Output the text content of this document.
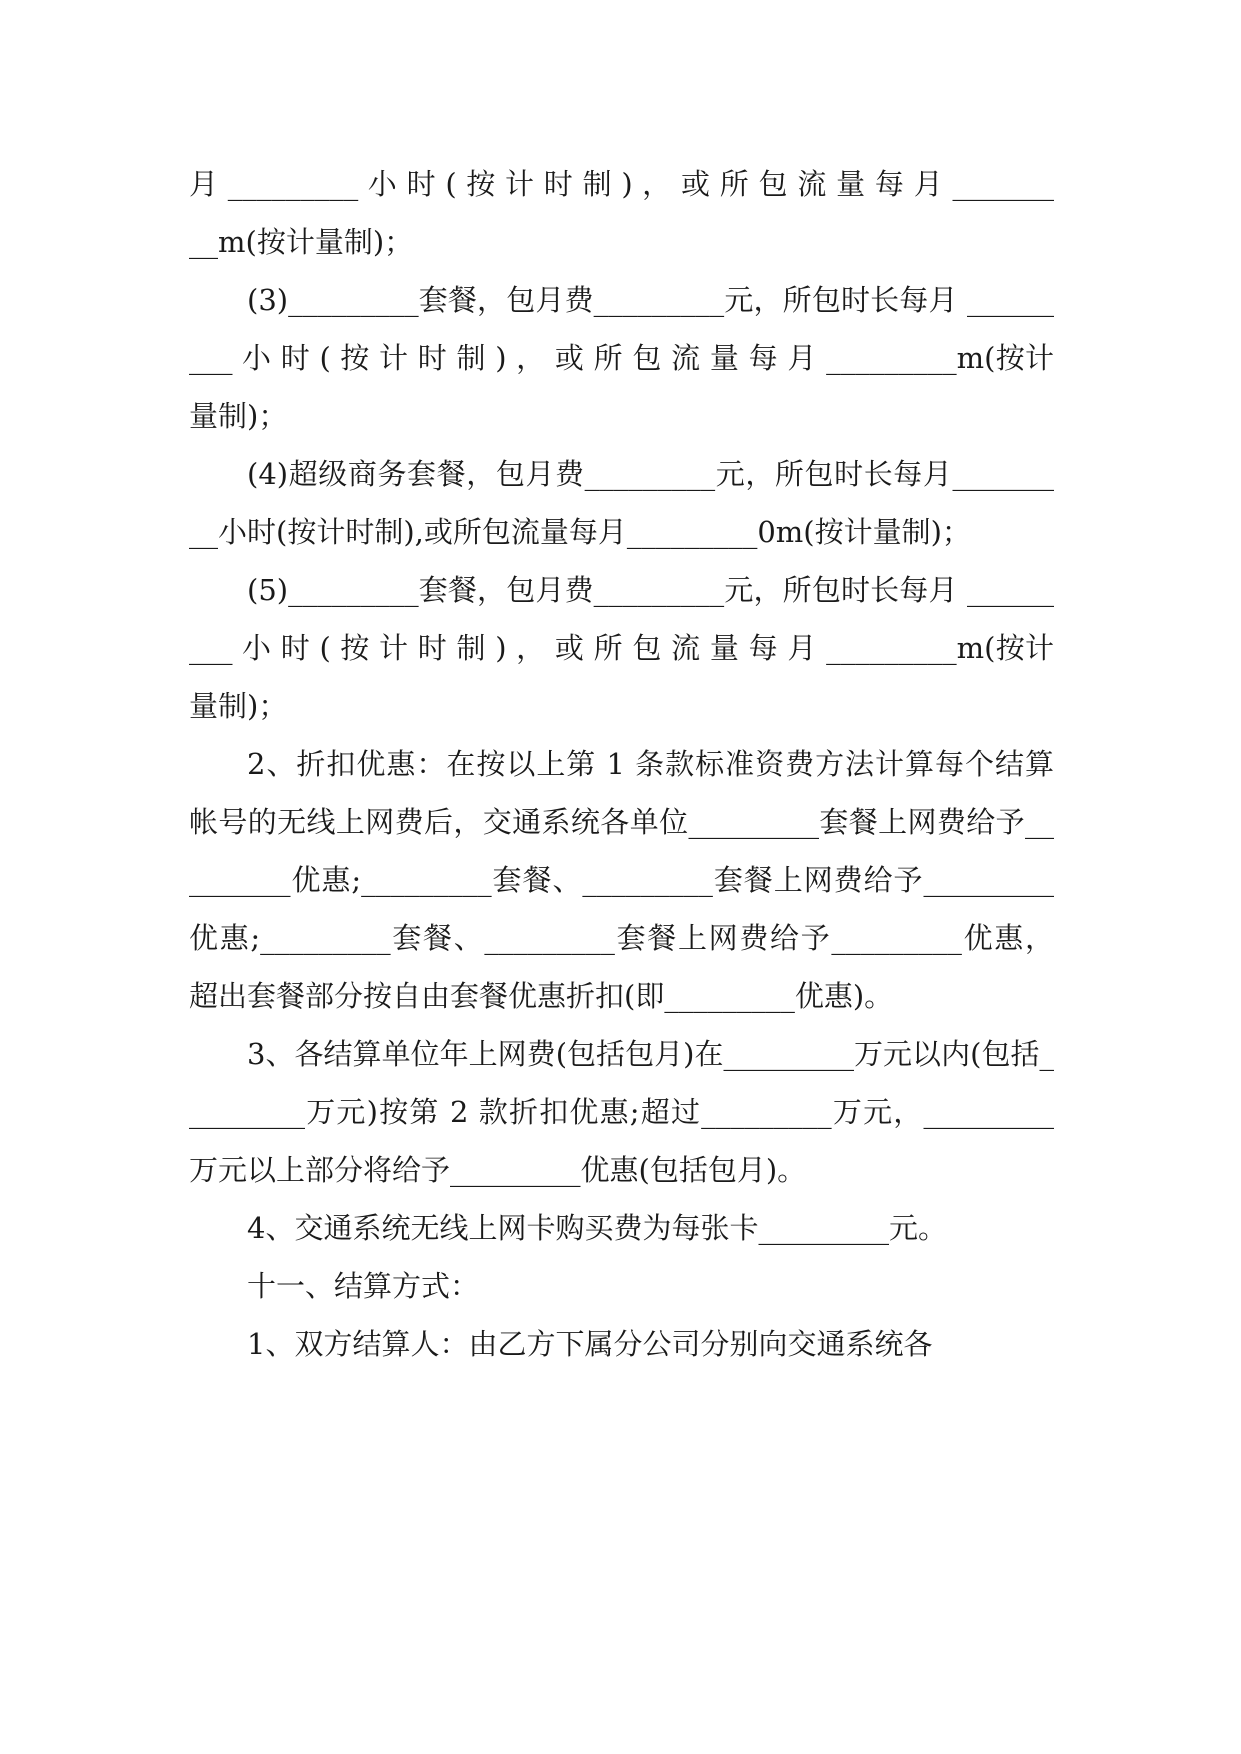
月 _________ 小 时 ( 按 计 时 制 ) ， 或 所 包 流 量 每 月 _________m(按计量制)；

(3)_________套餐，包月费_________元，所包时长每月 _________ 小 时 ( 按 计 时 制 ) ， 或 所 包 流 量 每 月 _________m(按计量制)；

(4)超级商务套餐，包月费_________元，所包时长每月_________小时(按计时制),或所包流量每月_________0m(按计量制)；

(5)_________套餐，包月费_________元，所包时长每月 _________ 小 时 ( 按 计 时 制 ) ， 或 所 包 流 量 每 月 _________m(按计量制)；

2、折扣优惠：在按以上第 1 条款标准资费方法计算每个结算帐号的无线上网费后，交通系统各单位_________套餐上网费给予_________优惠;_________套餐、_________套餐上网费给予_________优惠;_________套餐、_________套餐上网费给予_________优惠，超出套餐部分按自由套餐优惠折扣(即_________优惠)。

3、各结算单位年上网费(包括包月)在_________万元以内(包括_________万元)按第 2 款折扣优惠;超过_________万元，_________万元以上部分将给予_________优惠(包括包月)。

4、交通系统无线上网卡购买费为每张卡_________元。

十一、结算方式：

1、双方结算人：由乙方下属分公司分别向交通系统各
